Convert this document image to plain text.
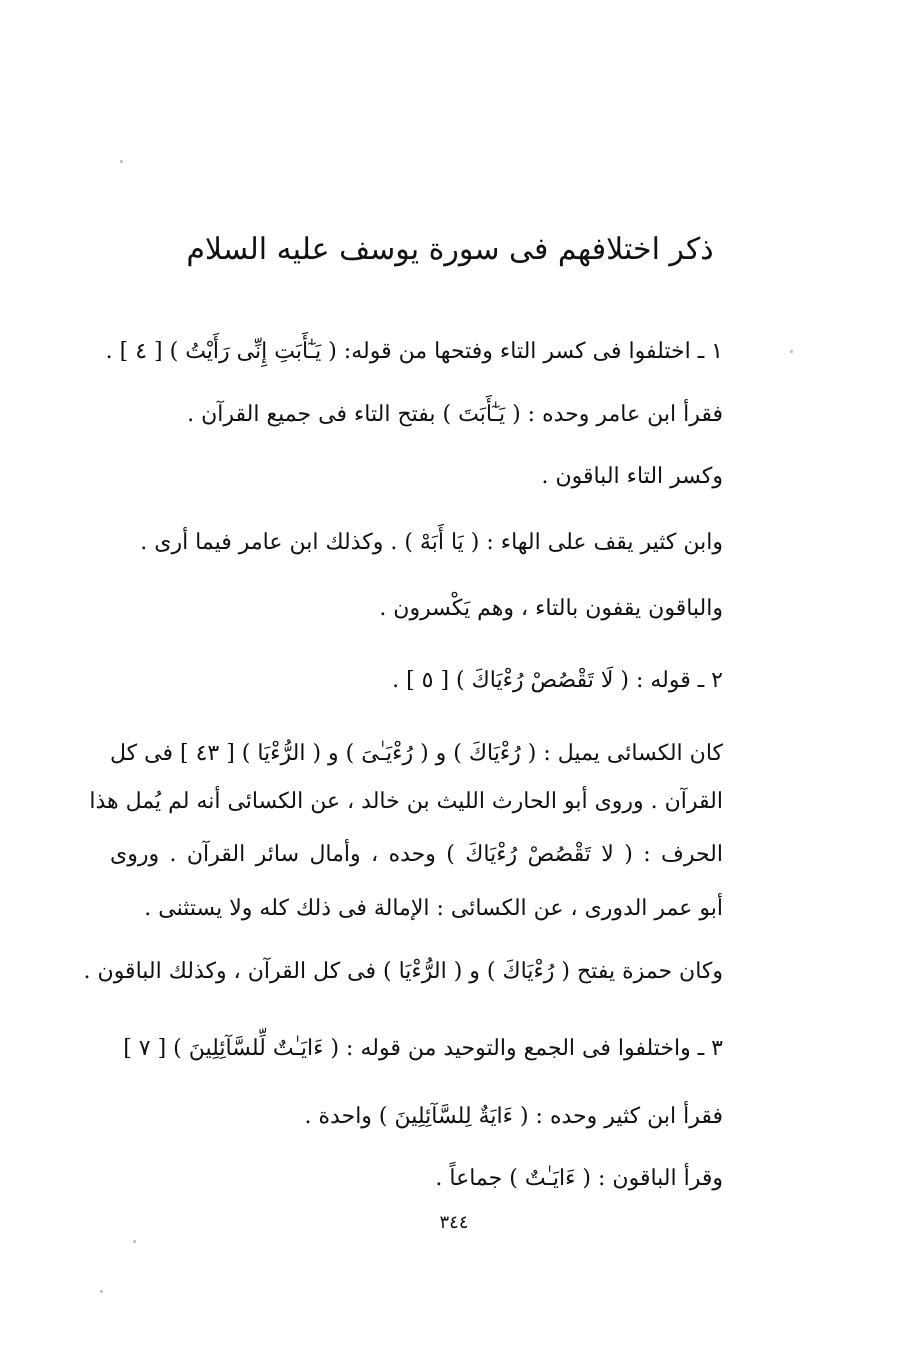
ذكر اختلافهم فى سورة يوسف عليه السلام
١ ـ اختلفوا فى كسر التاء وفتحها من قوله: ( يَـٰٓأَبَتِ إِنِّى رَأَيْتُ ) [ ٤ ] .
فقرأ ابن عامر وحده : ( يَـٰٓأَبَتَ ) بفتح التاء فى جميع القرآن .
وكسر التاء الباقون .
وابن كثير يقف على الهاء : ( يَا أَبَهْ ) . وكذلك ابن عامر فيما أرى .
والباقون يقفون بالتاء ، وهم يَكْسرون .
٢ ـ قوله : ( لَا تَقْصُصْ رُءْيَاكَ ) [ ٥ ] .
كان الكسائى يميل : ( رُءْيَاكَ ) و ( رُءْيَـٰىَ ) و ( الرُّءْيَا ) [ ٤٣ ] فى كل
القرآن . وروى أبو الحارث الليث بن خالد ، عن الكسائى أنه لم يُمل هذا
الحرف : ( لا تَقْصُصْ رُءْيَاكَ ) وحده ، وأمال سائر القرآن . وروى
أبو عمر الدورى ، عن الكسائى : الإمالة فى ذلك كله ولا يستثنى .
وكان حمزة يفتح ( رُءْيَاكَ ) و ( الرُّءْيَا ) فى كل القرآن ، وكذلك الباقون .
٣ ـ واختلفوا فى الجمع والتوحيد من قوله : ( ءَايَـٰتٌ لِّلسَّآئِلِينَ ) [ ٧ ]
فقرأ ابن كثير وحده : ( ءَايَةٌ لِلسَّآئِلِينَ ) واحدة .
وقرأ الباقون : ( ءَايَـٰتٌ ) جماعاً .
٣٤٤
